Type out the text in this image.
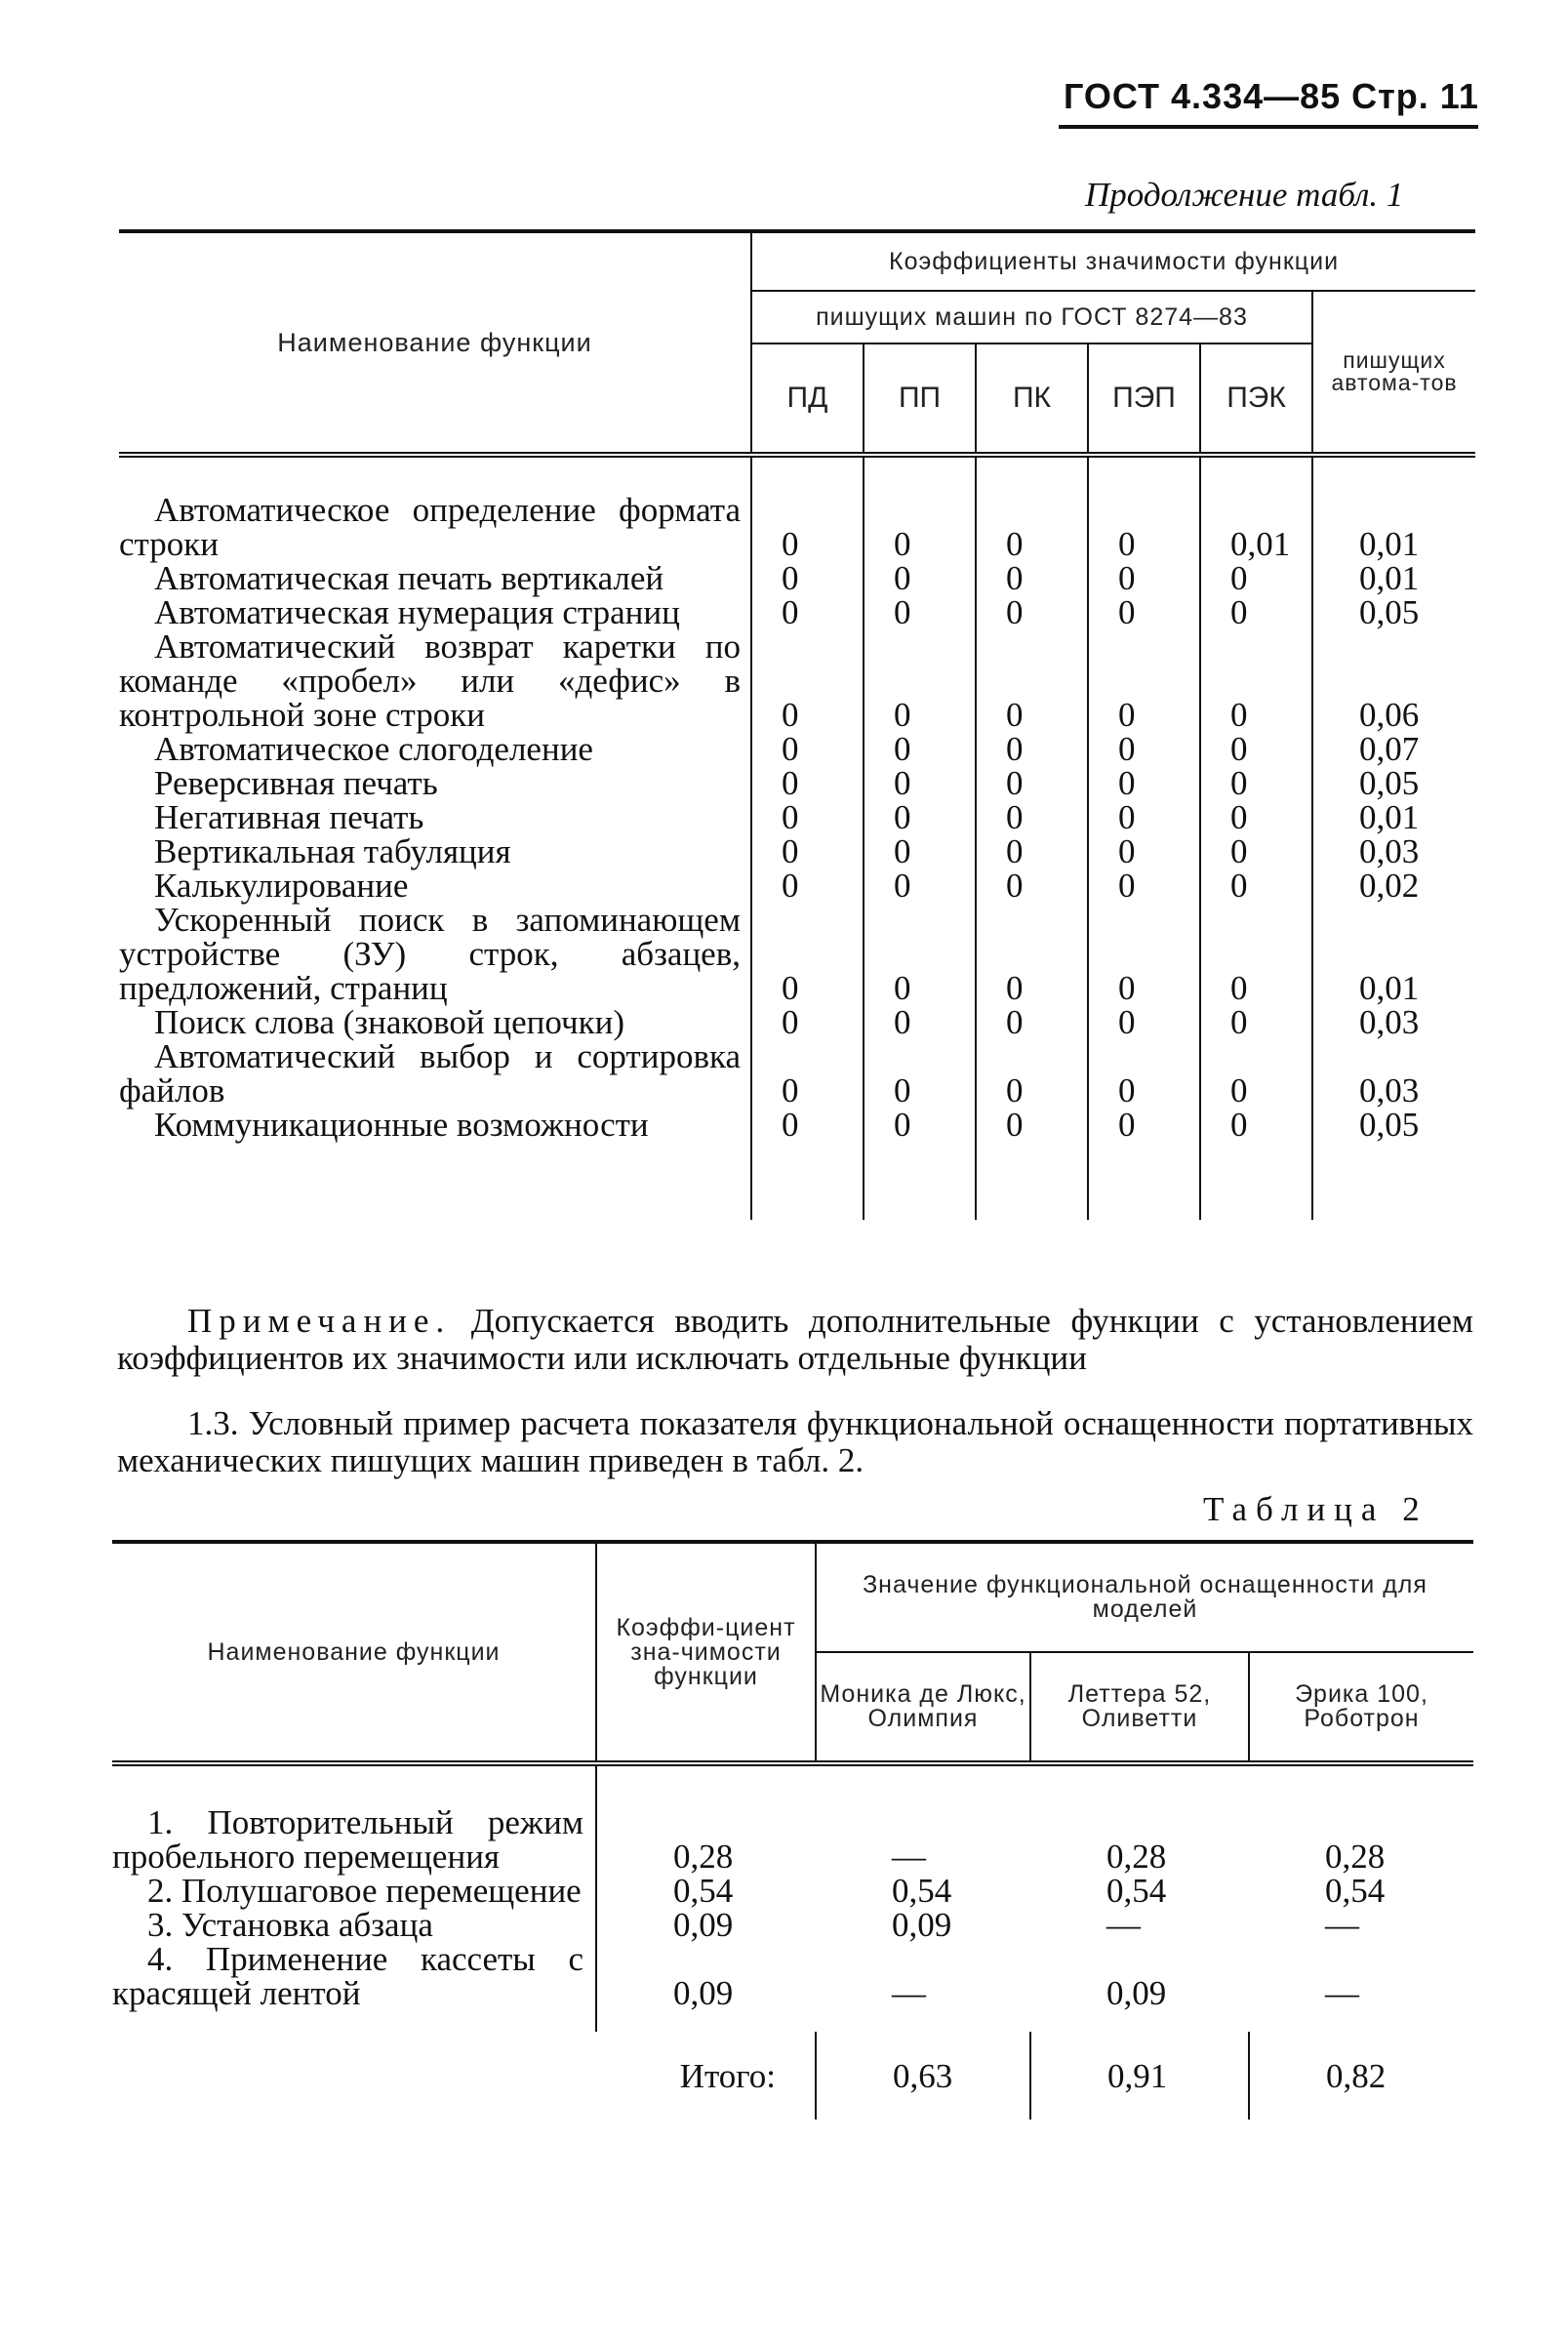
ГОСТ 4.334—85 Стр. 11
Продолжение табл. 1
Наименование функции	Коэффициенты значимости функции					
	пишущих машин по ГОСТ 8274—83					пишущих автома-тов
	ПД	ПП	ПК	ПЭП	ПЭК	

Автоматическое определение формата строки	0	0	0	0	0,01	0,01
Автоматическая печать вертикалей	0	0	0	0	0	0,01
Автоматическая нумерация страниц	0	0	0	0	0	0,05
Автоматический возврат каретки по команде «пробел» или «дефис» в контрольной зоне строки	0	0	0	0	0	0,06
Автоматическое слогоделение	0	0	0	0	0	0,07
Реверсивная печать	0	0	0	0	0	0,05
Негативная печать	0	0	0	0	0	0,01
Вертикальная табуляция	0	0	0	0	0	0,03
Калькулирование	0	0	0	0	0	0,02
Ускоренный поиск в запоминающем устройстве (ЗУ) строк, абзацев, предложений, страниц	0	0	0	0	0	0,01
Поиск слова (знаковой цепочки)	0	0	0	0	0	0,03
Автоматический выбор и сортировка файлов	0	0	0	0	0	0,03
Коммуникационные возможности	0	0	0	0	0	0,05

Примечание. Допускается вводить дополнительные функции с установлением коэффициентов их значимости или исключать отдельные функции
1.3. Условный пример расчета показателя функциональной оснащенности портативных механических пишущих машин приведен в табл. 2.
Таблица 2
Наименование функции	Коэффи-циент зна-чимости функции	Значение функциональной оснащенности для моделей		
		Моника де Люкс, Олимпия	Леттера 52, Оливетти	Эрика 100, Роботрон

1. Повторительный режим пробельного перемещения	0,28	—	0,28	0,28
2. Полушаговое перемещение	0,54	0,54	0,54	0,54
3. Установка абзаца	0,09	0,09	—	—
4. Применение кассеты с красящей лентой	0,09	—	0,09	—

	Итого:	0,63	0,91	0,82
